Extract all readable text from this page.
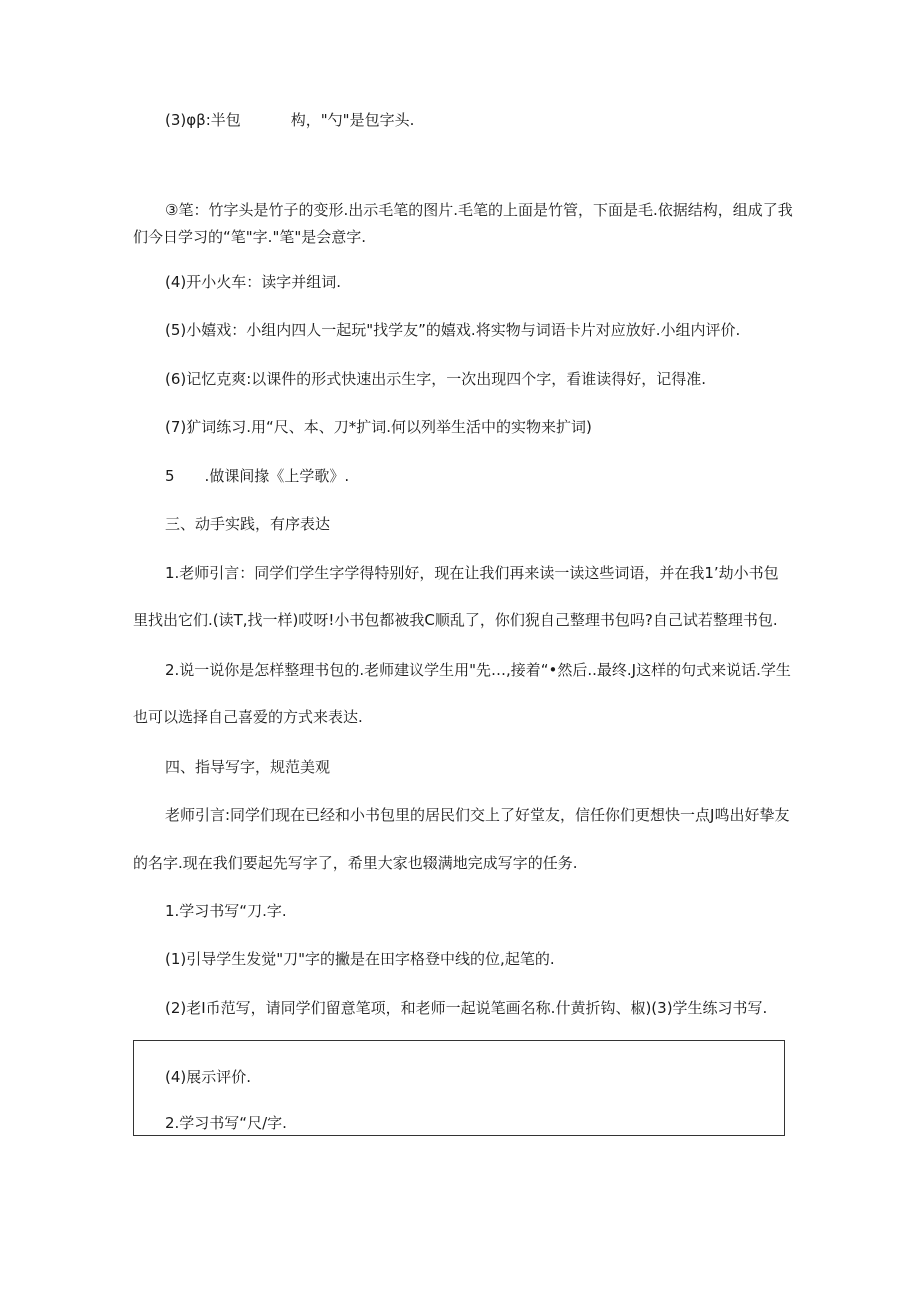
(3)φβ:半包	构，"勺"是包字头.

③笔：竹字头是竹子的变形.出示毛笔的图片.毛笔的上面是竹管，下面是毛.依据结构，组成了我

们今日学习的“笔"字."笔"是会意字.

(4)开小火车：读字并组词.

(5)小嬉戏：小组内四人一起玩"找学友”的嬉戏.将实物与词语卡片对应放好.小组内评价.

(6)记忆克爽:以课件的形式快速出示生字，一次出现四个字，看谁读得好，记得准.

(7)犷词练习.用“尺、本、刀*扩词.何以列举生活中的实物来扩词)

5 .做课间掾《上学歌》.

三、动手实践，有序表达

1.老师引言：同学们学生字学得特别好，现在让我们再来读一读这些词语，并在我1’劫小书包

里找出它们.(读T,找一样)哎呀!小书包都被我C顺乱了，你们猊自己整理书包吗?自己试若整理书包.

2.说一说你是怎样整理书包的.老师建议学生用"先…,接着“•然后..最终.J这样的句式来说话.学生

也可以选择自己喜爱的方式来表达.

四、指导写字，规范美观

老师引言:同学们现在已经和小书包里的居民们交上了好堂友，信任你们更想快一点J鸣出好挚友

的名字.现在我们要起先写字了，希里大家也辍满地完成写字的任务.

1.学习书写“刀.字.

(1)引导学生发觉"刀"字的撇是在田字格登中线的位,起笔的.

(2)老I币范写，请同学们留意笔项，和老师一起说笔画名称.什黄折钩、椒)(3)学生练习书写.

(4)展示评价.

2.学习书写“尺/字.
